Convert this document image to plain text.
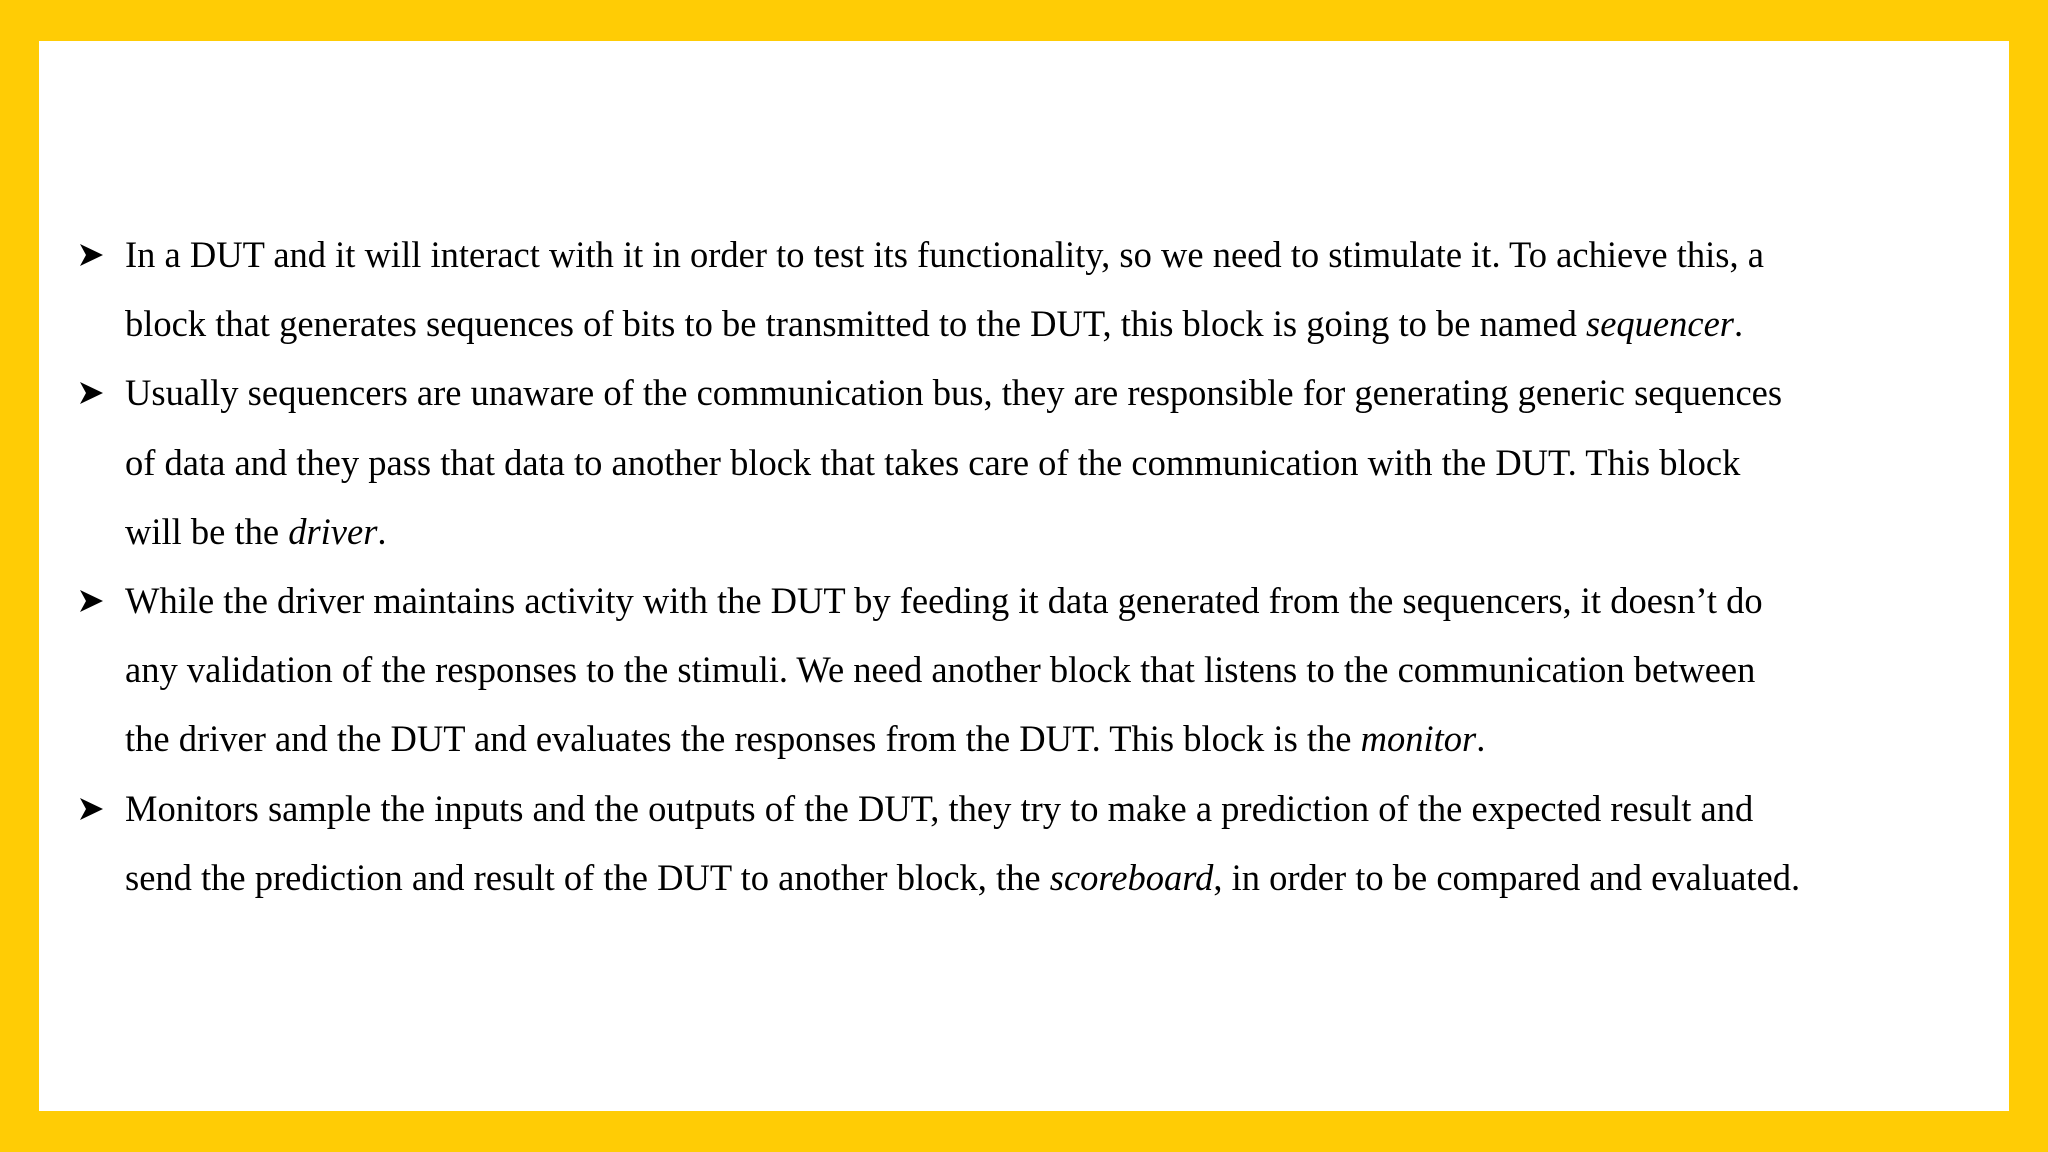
In a DUT and it will interact with it in order to test its functionality, so we need to stimulate it. To achieve this, a
block that generates sequences of bits to be transmitted to the DUT, this block is going to be named sequencer.
Usually sequencers are unaware of the communication bus, they are responsible for generating generic sequences
of data and they pass that data to another block that takes care of the communication with the DUT. This block
will be the driver.
While the driver maintains activity with the DUT by feeding it data generated from the sequencers, it doesn’t do
any validation of the responses to the stimuli. We need another block that listens to the communication between
the driver and the DUT and evaluates the responses from the DUT. This block is the monitor.
Monitors sample the inputs and the outputs of the DUT, they try to make a prediction of the expected result and
send the prediction and result of the DUT to another block, the scoreboard, in order to be compared and evaluated.
